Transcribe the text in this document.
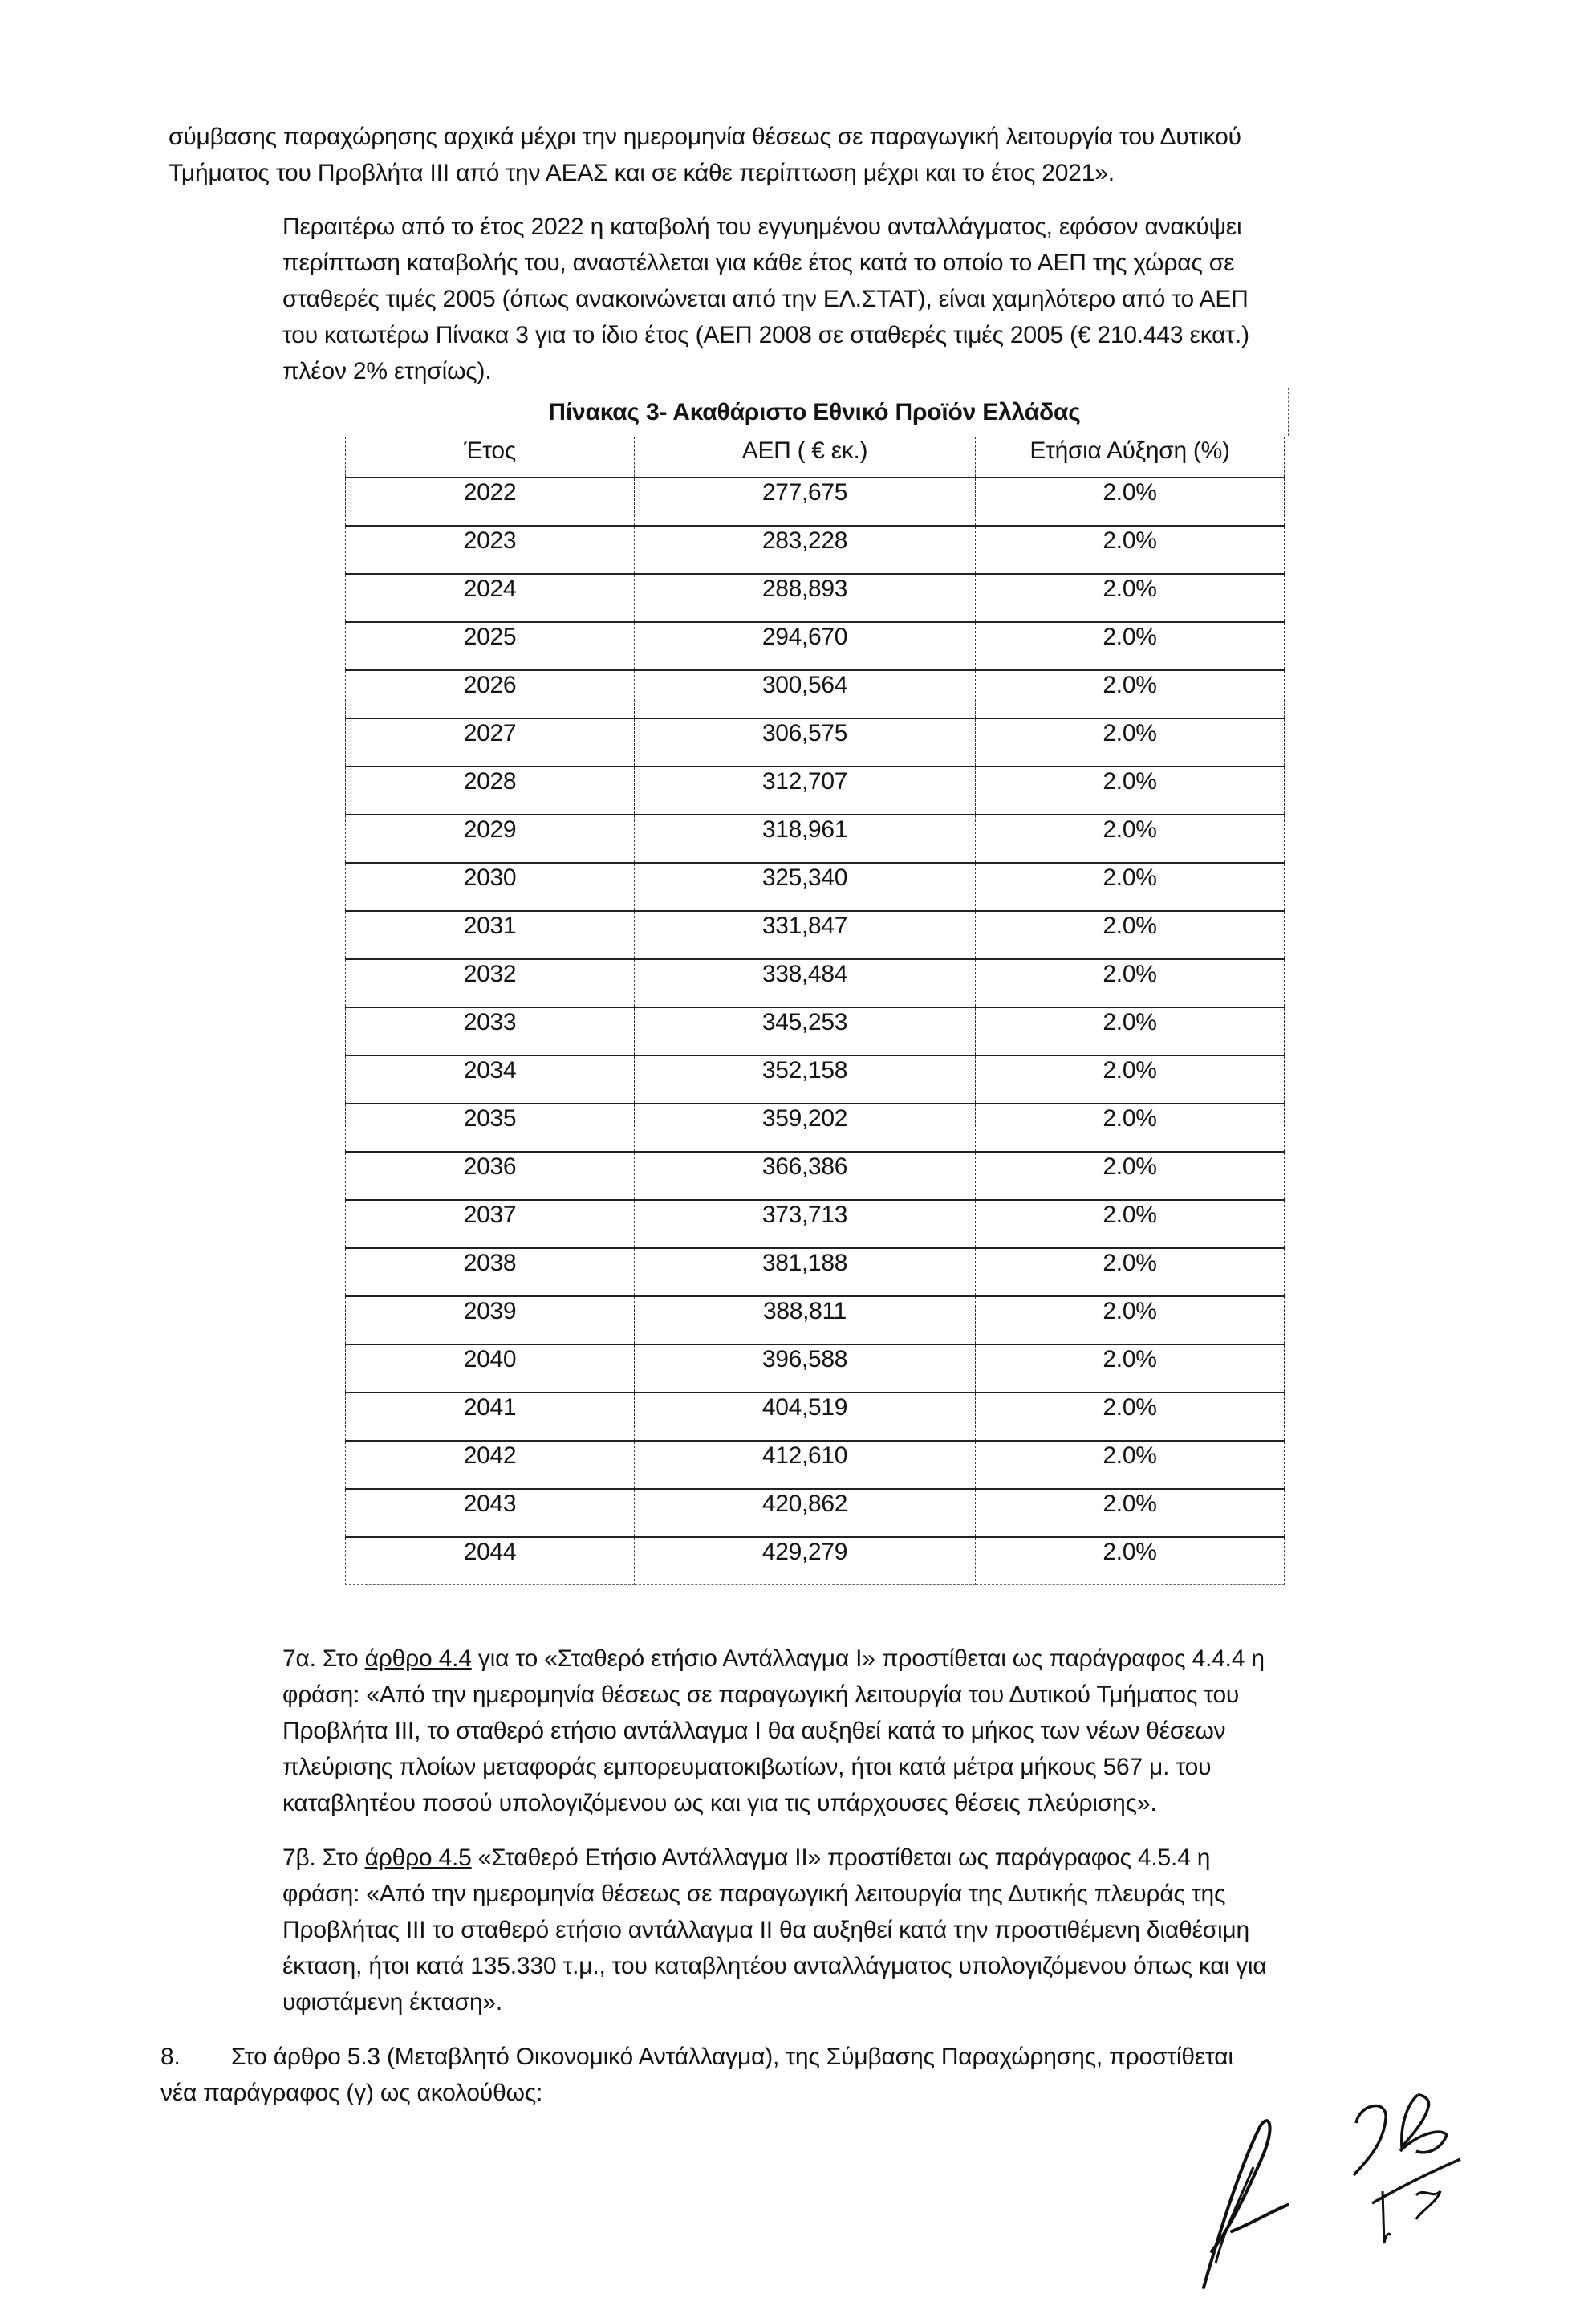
σύμβασης παραχώρησης αρχικά μέχρι την ημερομηνία θέσεως σε παραγωγική λειτουργία του Δυτικού
Τμήματος του Προβλήτα ΙΙΙ από την ΑΕΑΣ και σε κάθε περίπτωση μέχρι και το έτος 2021».
Περαιτέρω από το έτος 2022 η καταβολή του εγγυημένου ανταλλάγματος, εφόσον ανακύψει
περίπτωση καταβολής του, αναστέλλεται για κάθε έτος κατά το οποίο το ΑΕΠ της χώρας σε
σταθερές τιμές 2005 (όπως ανακοινώνεται από την ΕΛ.ΣΤΑΤ), είναι χαμηλότερο από το ΑΕΠ
του κατωτέρω Πίνακα 3 για το ίδιο έτος (ΑΕΠ 2008 σε σταθερές τιμές 2005 (€ 210.443 εκατ.)
πλέον 2% ετησίως).
Πίνακας 3- Ακαθάριστο Εθνικό Προϊόν Ελλάδας
Έτος	ΑΕΠ ( € εκ.)	Ετήσια Αύξηση (%)
2022	277,675	2.0%
2023	283,228	2.0%
2024	288,893	2.0%
2025	294,670	2.0%
2026	300,564	2.0%
2027	306,575	2.0%
2028	312,707	2.0%
2029	318,961	2.0%
2030	325,340	2.0%
2031	331,847	2.0%
2032	338,484	2.0%
2033	345,253	2.0%
2034	352,158	2.0%
2035	359,202	2.0%
2036	366,386	2.0%
2037	373,713	2.0%
2038	381,188	2.0%
2039	388,811	2.0%
2040	396,588	2.0%
2041	404,519	2.0%
2042	412,610	2.0%
2043	420,862	2.0%
2044	429,279	2.0%
7α. Στο άρθρο 4.4 για το «Σταθερό ετήσιο Αντάλλαγμα Ι» προστίθεται ως παράγραφος 4.4.4 η
φράση: «Από την ημερομηνία θέσεως σε παραγωγική λειτουργία του Δυτικού Τμήματος του
Προβλήτα ΙΙΙ, το σταθερό ετήσιο αντάλλαγμα Ι θα αυξηθεί κατά το μήκος των νέων θέσεων
πλεύρισης πλοίων μεταφοράς εμπορευματοκιβωτίων, ήτοι κατά μέτρα μήκους 567 μ. του
καταβλητέου ποσού υπολογιζόμενου ως και για τις υπάρχουσες θέσεις πλεύρισης».
7β. Στο άρθρο 4.5 «Σταθερό Ετήσιο Αντάλλαγμα ΙΙ» προστίθεται ως παράγραφος 4.5.4 η
φράση: «Από την ημερομηνία θέσεως σε παραγωγική λειτουργία της Δυτικής πλευράς της
Προβλήτας ΙΙΙ το σταθερό ετήσιο αντάλλαγμα ΙΙ θα αυξηθεί κατά την προστιθέμενη διαθέσιμη
έκταση, ήτοι κατά 135.330 τ.μ., του καταβλητέου ανταλλάγματος υπολογιζόμενου όπως και για
υφιστάμενη έκταση».
8. Στο άρθρο 5.3 (Μεταβλητό Οικονομικό Αντάλλαγμα), της Σύμβασης Παραχώρησης, προστίθεται
νέα παράγραφος (γ) ως ακολούθως:
